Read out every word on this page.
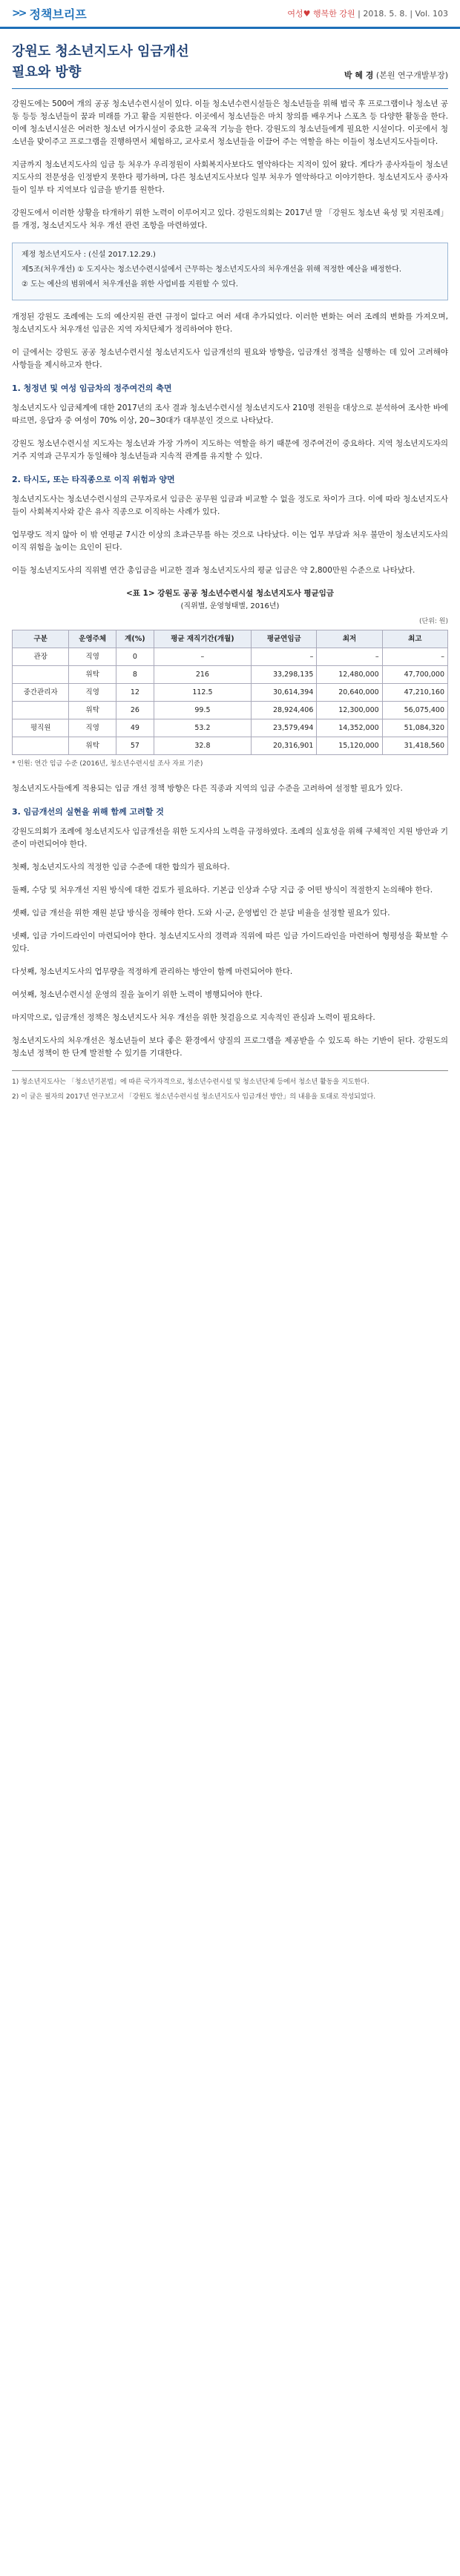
>> 정책브리프	여성♥ 행복한 강원 | 2018. 5. 8. | Vol. 103
강원도 청소년지도사 임금개선
필요와 방향	박 혜 경 (본원 연구개발부장)

강원도에는 500여 개의 공공 청소년수련시설이 있다. 이들 청소년수련시설들은 청소년들을 위해 범국 후 프로그램이나 청소년 공동 등등 청소년들이 꿈과 미래를 가고 활을 지원한다. 이곳에서 청소년들은 마치 창의를 배우거나 스포츠 등 다양한 활동을 한다. 이에 청소년시설은 여러한 청소년 여가시설이 중요한 교육적 기능을 한다. 강원도의 청소년들에게 필요한 시설이다. 이곳에서 청소년을 맞이주고 프로그램을 진행하면서 체험하고, 교사로서 청소년들을 이끌어 주는 역할을 하는 이들이 청소년지도사들이다.

지금까지 청소년지도사의 임금 등 처우가 우리정원이 사회복지사보다도 열악하다는 지적이 있어 왔다. 게다가 종사자들이 청소년지도사의 전문성을 인정받지 못한다 평가하며, 다른 청소년지도사보다 일부 처우가 열악하다고 이야기한다. 청소년지도사 종사자들이 일부 타 지역보다 임금을 받기를 원한다.

강원도에서 이러한 상황을 타개하기 위한 노력이 이루어지고 있다. 강원도의회는 2017년 말 「강원도 청소년 육성 및 지원조례」를 개정, 청소년지도사 처우 개선 관련 조항을 마련하였다.

제정 청소년지도사 : (신설 2017.12.29.)

제5조(처우개선) ① 도지사는 청소년수련시설에서 근무하는 청소년지도사의 처우개선을 위해 적정한 예산을 배정한다.

② 도는 예산의 범위에서 처우개선을 위한 사업비를 지원할 수 있다.

개정된 강원도 조례에는 도의 예산지원 관련 규정이 없다고 여러 세대 추가되었다. 이러한 변화는 여러 조례의 변화를 가져오며, 청소년지도사 처우개선 임금은 지역 자치단체가 정리하여야 한다.

이 글에서는 강원도 공공 청소년수련시설 청소년지도사 임금개선의 필요와 방향을, 임금개선 정책을 실행하는 데 있어 고려해야 사항들을 제시하고자 한다.

1. 청정년 및 여성 임금차의 정주여건의 축면

청소년지도사 임금체계에 대한 2017년의 조사 결과 청소년수련시설 청소년지도사 210명 전원을 대상으로 분석하여 조사한 바에 따르면, 응답자 중 여성이 70% 이상, 20~30대가 대부분인 것으로 나타났다.

강원도 청소년수련시설 지도자는 청소년과 가장 가까이 지도하는 역할을 하기 때문에 정주여건이 중요하다. 지역 청소년지도자의 거주 지역과 근무지가 동일해야 청소년들과 지속적 관계를 유지할 수 있다.

2. 타시도, 또는 타직종으로 이직 위험과 양면

청소년지도사는 청소년수련시설의 근무자로서 임금은 공무원 임금과 비교할 수 없을 정도로 차이가 크다. 이에 따라 청소년지도사들이 사회복지사와 같은 유사 직종으로 이직하는 사례가 있다.

업무량도 적지 않아 이 밖 연평균 7시간 이상의 초과근무를 하는 것으로 나타났다. 이는 업무 부담과 처우 불만이 청소년지도사의 이직 위험을 높이는 요인이 된다.

이들 청소년지도사의 직위별 연간 총임금을 비교한 결과 청소년지도사의 평균 임금은 약 2,800만원 수준으로 나타났다.

<표 1> 강원도 공공 청소년수련시설 청소년지도사 평균임금
(직위별, 운영형태별, 2016년)
(단위: 원)
구분	운영주체	계(%)	평균 재직기간(개월)	평균연임금	최저	최고
관장	직영	0	–	–	–	–
	위탁	8	216	33,298,135	12,480,000	47,700,000
중간관리자	직영	12	112.5	30,614,394	20,640,000	47,210,160
	위탁	26	99.5	28,924,406	12,300,000	56,075,400
평직원	직영	49	53.2	23,579,494	14,352,000	51,084,320
	위탁	57	32.8	20,316,901	15,120,000	31,418,560
* 인원: 연간 임금 수준 (2016년, 청소년수련시설 조사 자료 기준)

청소년지도사들에게 적용되는 임금 개선 정책 방향은 다른 직종과 지역의 임금 수준을 고려하여 설정할 필요가 있다.

3. 임금개선의 실현을 위해 함께 고려할 것

강원도의회가 조례에 청소년지도사 임금개선을 위한 도지사의 노력을 규정하였다. 조례의 실효성을 위해 구체적인 지원 방안과 기준이 마련되어야 한다.

첫째, 청소년지도사의 적정한 임금 수준에 대한 합의가 필요하다.

둘째, 수당 및 처우개선 지원 방식에 대한 검토가 필요하다. 기본급 인상과 수당 지급 중 어떤 방식이 적절한지 논의해야 한다.

셋째, 임금 개선을 위한 재원 분담 방식을 정해야 한다. 도와 시·군, 운영법인 간 분담 비율을 설정할 필요가 있다.

넷째, 임금 가이드라인이 마련되어야 한다. 청소년지도사의 경력과 직위에 따른 임금 가이드라인을 마련하여 형평성을 확보할 수 있다.

다섯째, 청소년지도사의 업무량을 적정하게 관리하는 방안이 함께 마련되어야 한다.

여섯째, 청소년수련시설 운영의 질을 높이기 위한 노력이 병행되어야 한다.

마지막으로, 임금개선 정책은 청소년지도사 처우 개선을 위한 첫걸음으로 지속적인 관심과 노력이 필요하다.

청소년지도사의 처우개선은 청소년들이 보다 좋은 환경에서 양질의 프로그램을 제공받을 수 있도록 하는 기반이 된다. 강원도의 청소년 정책이 한 단계 발전할 수 있기를 기대한다.

1) 청소년지도사는 「청소년기본법」에 따른 국가자격으로, 청소년수련시설 및 청소년단체 등에서 청소년 활동을 지도한다.

2) 이 글은 필자의 2017년 연구보고서 「강원도 청소년수련시설 청소년지도사 임금개선 방안」의 내용을 토대로 작성되었다.
